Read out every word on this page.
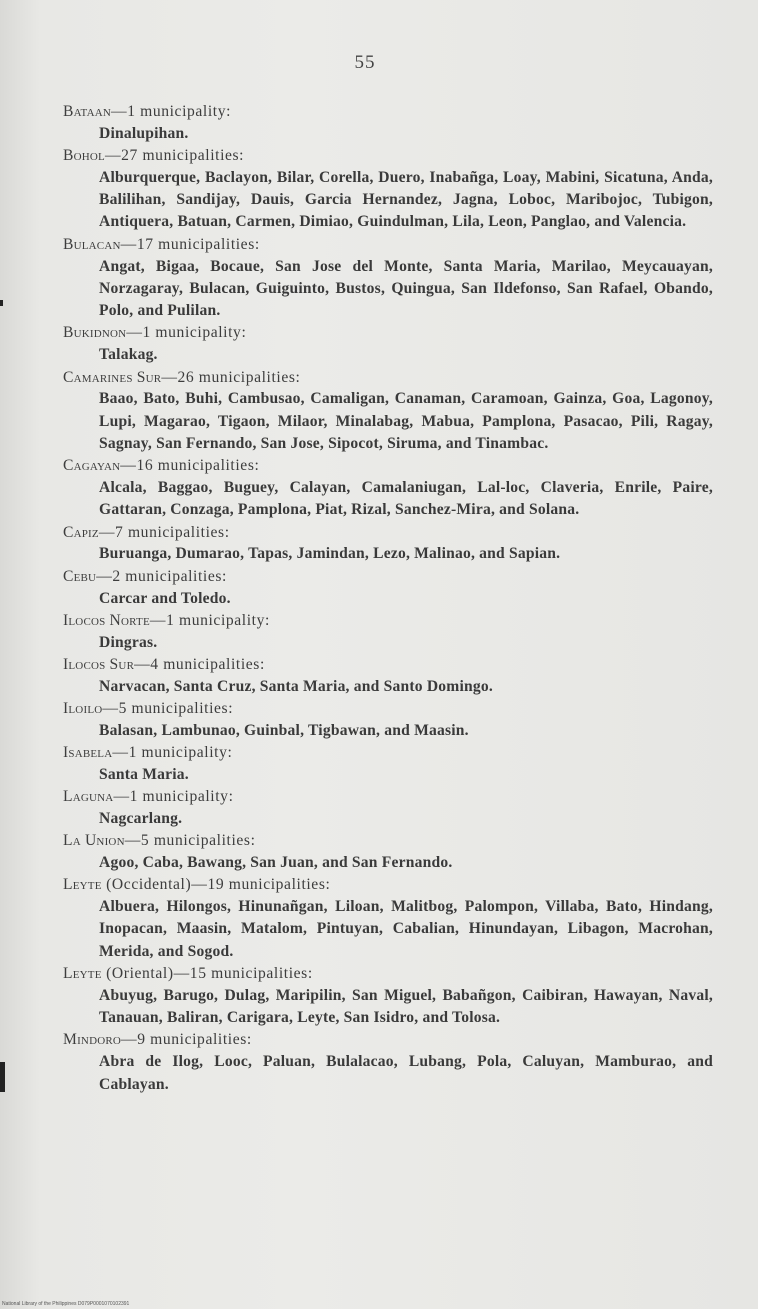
55
Bataan—1 municipality:
Dinalupihan.
Bohol—27 municipalities:
Alburquerque, Baclayon, Bilar, Corella, Duero, Inabañga, Loay, Mabini, Sicatuna, Anda, Balilihan, Sandijay, Dauis, Garcia Hernandez, Jagna, Loboc, Maribojoc, Tubigon, Antiquera, Batuan, Carmen, Dimiao, Guindulman, Lila, Leon, Panglao, and Valencia.
Bulacan—17 municipalities:
Angat, Bigaa, Bocaue, San Jose del Monte, Santa Maria, Marilao, Meycauayan, Norzagaray, Bulacan, Guiguinto, Bustos, Quingua, San Ildefonso, San Rafael, Obando, Polo, and Pulilan.
Bukidnon—1 municipality:
Talakag.
Camarines Sur—26 municipalities:
Baao, Bato, Buhi, Cambusao, Camaligan, Canaman, Caramoan, Gainza, Goa, Lagonoy, Lupi, Magarao, Tigaon, Milaor, Minalabag, Mabua, Pamplona, Pasacao, Pili, Ragay, Sagnay, San Fernando, San Jose, Sipocot, Siruma, and Tinambac.
Cagayan—16 municipalities:
Alcala, Baggao, Buguey, Calayan, Camalaniugan, Lal-loc, Claveria, Enrile, Paire, Gattaran, Conzaga, Pamplona, Piat, Rizal, Sanchez-Mira, and Solana.
Capiz—7 municipalities:
Buruanga, Dumarao, Tapas, Jamindan, Lezo, Malinao, and Sapian.
Cebu—2 municipalities:
Carcar and Toledo.
Ilocos Norte—1 municipality:
Dingras.
Ilocos Sur—4 municipalities:
Narvacan, Santa Cruz, Santa Maria, and Santo Domingo.
Iloilo—5 municipalities:
Balasan, Lambunao, Guinbal, Tigbawan, and Maasin.
Isabela—1 municipality:
Santa Maria.
Laguna—1 municipality:
Nagcarlang.
La Union—5 municipalities:
Agoo, Caba, Bawang, San Juan, and San Fernando.
Leyte (Occidental)—19 municipalities:
Albuera, Hilongos, Hinunañgan, Liloan, Malitbog, Palompon, Villaba, Bato, Hindang, Inopacan, Maasin, Matalom, Pintuyan, Cabalian, Hinundayan, Libagon, Macrohan, Merida, and Sogod.
Leyte (Oriental)—15 municipalities:
Abuyug, Barugo, Dulag, Maripilin, San Miguel, Babañgon, Caibiran, Hawayan, Naval, Tanauan, Baliran, Carigara, Leyte, San Isidro, and Tolosa.
Mindoro—9 municipalities:
Abra de Ilog, Looc, Paluan, Bulalacao, Lubang, Pola, Caluyan, Mamburao, and Cablayan.
National Library of the Philippines D079P0001070102391
